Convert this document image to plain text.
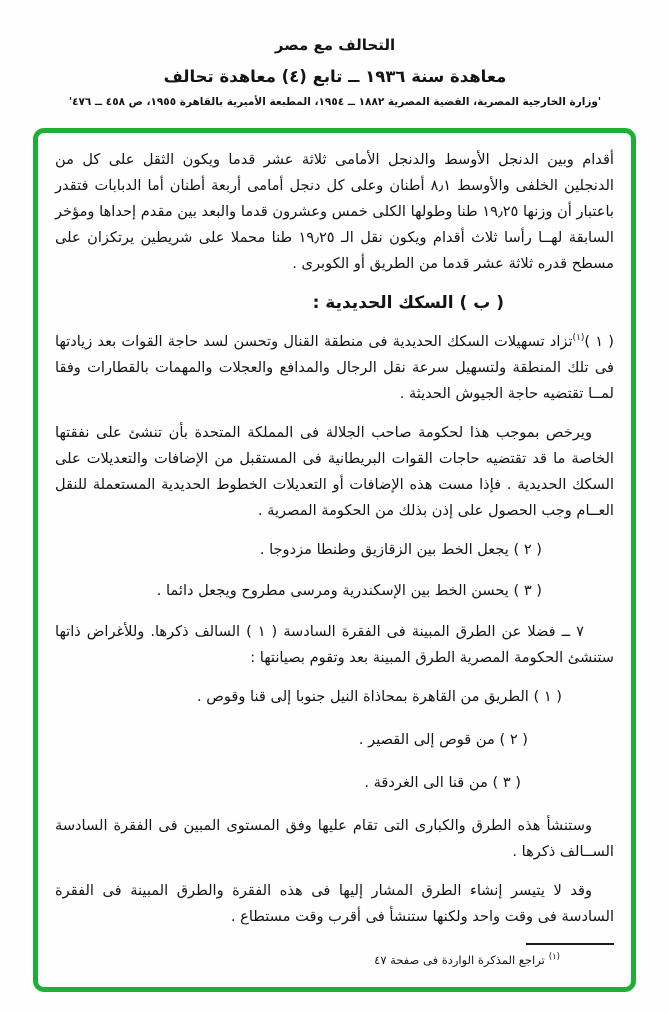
التحالف مع مصر
معاهدة سنة ١٩٣٦ ــ تابع (٤) معاهدة تحالف
'وزارة الخارجية المصرية، القضية المصرية ١٨٨٢ ــ ١٩٥٤، المطبعة الأميرية بالقاهرة ١٩٥٥، ص ٤٥٨ ــ ٤٧٦'

أقدام وبين الدنجل الأوسط والدنجل الأمامى ثلاثة عشر قدما ويكون الثقل على كل من الدنجلين الخلفى والأوسط ٨٫١ أطنان وعلى كل دنجل أمامى أربعة أطنان أما الدبابات فتقدر باعتبار أن وزنها ١٩٫٢٥ طنا وطولها الكلى خمس وعشرون قدما والبعد بين مقدم إحداها ومؤخر السابقة لهــا رأسا ثلاث أقدام ويكون نقل الـ ١٩٫٢٥ طنا محملا على شريطين يرتكزان على مسطح قدره ثلاثة عشر قدما من الطريق أو الكوبرى .

( ب ) السكك الحديدية :

( ١ )$^{(١)}$تزاد تسهيلات السكك الحديدية فى منطقة القنال وتحسن لسد حاجة القوات بعد زيادتها فى تلك المنطقة ولتسهيل سرعة نقل الرجال والمدافع والعجلات والمهمات بالقطارات وفقا لمــا تقتضيه حاجة الجيوش الحديثة .

ويرخص بموجب هذا لحكومة صاحب الجلالة فى المملكة المتحدة بأن تنشئ على نفقتها الخاصة ما قد تقتضيه حاجات القوات البريطانية فى المستقبل من الإضافات والتعديلات على السكك الحديدية . فإذا مست هذه الإضافات أو التعديلات الخطوط الحديدية المستعملة للنقل العــام وجب الحصول على إذن بذلك من الحكومة المصرية .

( ٢ ) يجعل الخط بين الزقازيق وطنطا مزدوجا .
( ٣ ) يحسن الخط بين الإسكندرية ومرسى مطروح ويجعل دائما .

٧ ــ فضلا عن الطرق المبينة فى الفقرة السادسة ( ١ ) السالف ذكرها. وللأغراض ذاتها ستنشئ الحكومة المصرية الطرق المبينة بعد وتقوم بصيانتها :

( ١ ) الطريق من القاهرة بمحاذاة النيل جنوبا إلى قنا وقوص .
( ٢ ) من قوص إلى القصير .
( ٣ ) من قنا الى الغردقة .

وستنشأ هذه الطرق والكبارى التى تقام عليها وفق المستوى المبين فى الفقرة السادسة الســالف ذكرها .

وقد لا يتيسر إنشاء الطرق المشار إليها فى هذه الفقرة والطرق المبينة فى الفقرة السادسة فى وقت واحد ولكنها ستنشأ فى أقرب وقت مستطاع .

$^{(١)}$تراجع المذكرة الواردة فى صفحة ٤٧
